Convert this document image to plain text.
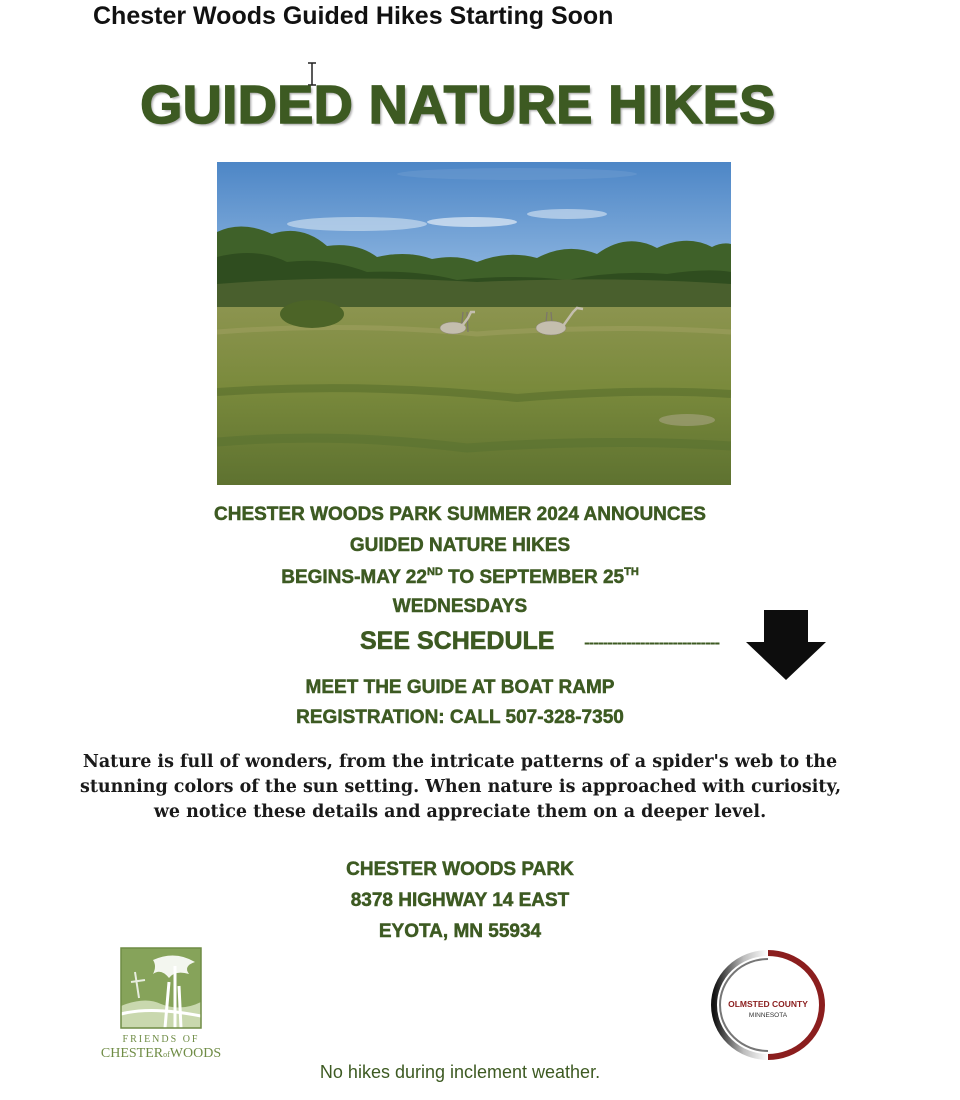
Chester Woods Guided Hikes Starting Soon
GUIDED NATURE HIKES
CHESTER WOODS PARK SUMMER 2024 ANNOUNCES
GUIDED NATURE HIKES
BEGINS-MAY 22ND TO SEPTEMBER 25TH
WEDNESDAYS
SEE SCHEDULE -----------------------------
MEET THE GUIDE AT BOAT RAMP
REGISTRATION: CALL 507-328-7350
Nature is full of wonders, from the intricate patterns of a spider's web to the
stunning colors of the sun setting. When nature is approached with curiosity,
we notice these details and appreciate them on a deeper level.
CHESTER WOODS PARK
8378 HIGHWAY 14 EAST
EYOTA, MN 55934
FRIENDS OF
CHESTERofWOODS
OLMSTED COUNTY
MINNESOTA
No hikes during inclement weather.
